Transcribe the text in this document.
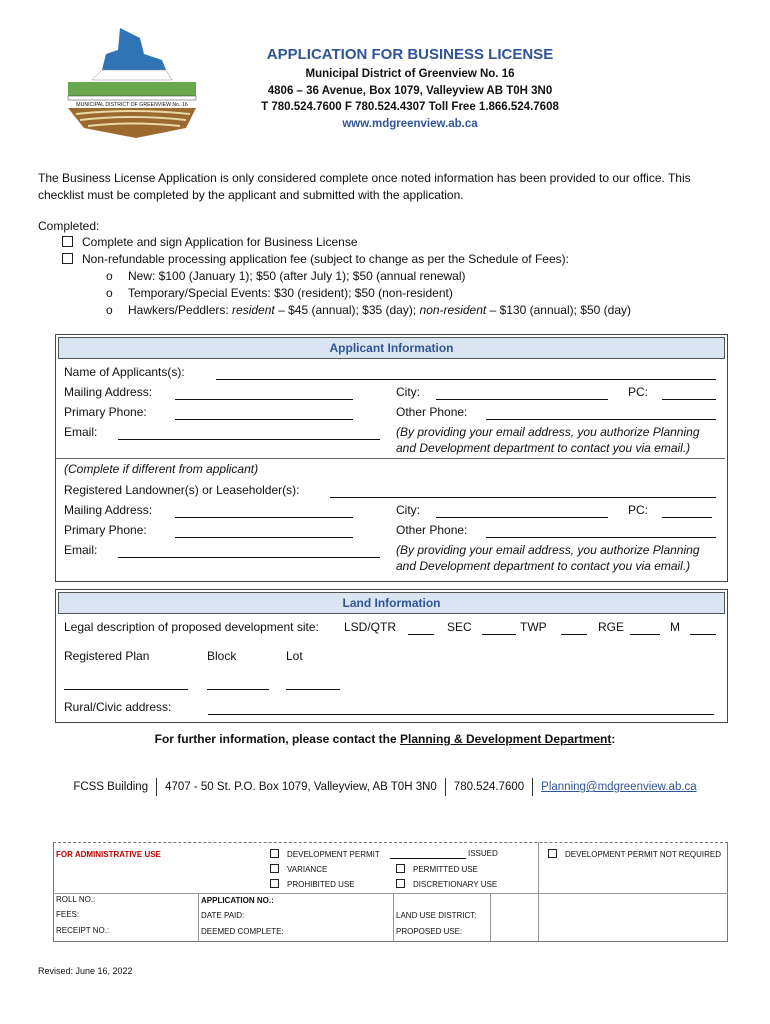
MUNICIPAL DISTRICT OF GREENVIEW No. 16
APPLICATION FOR BUSINESS LICENSE
Municipal District of Greenview No. 16
4806 – 36 Avenue, Box 1079, Valleyview AB T0H 3N0
T 780.524.7600 F 780.524.4307 Toll Free 1.866.524.7608
www.mdgreenview.ab.ca
The Business License Application is only considered complete once noted information has been provided to our office. This checklist must be completed by the applicant and submitted with the application.
Completed:
Complete and sign Application for Business License
Non-refundable processing application fee (subject to change as per the Schedule of Fees):
o New: $100 (January 1); $50 (after July 1); $50 (annual renewal)
o Temporary/Special Events: $30 (resident); $50 (non-resident)
o Hawkers/Peddlers: resident – $45 (annual); $35 (day); non-resident – $130 (annual); $50 (day)
Applicant Information
Name of Applicants(s):
Mailing Address:	City:	PC:
Primary Phone:	Other Phone:
Email:	(By providing your email address, you authorize Planning
and Development department to contact you via email.)
(Complete if different from applicant)
Registered Landowner(s) or Leaseholder(s):
Mailing Address:	City:	PC:
Primary Phone:	Other Phone:
Email:	(By providing your email address, you authorize Planning
and Development department to contact you via email.)
Land Information
Legal description of proposed development site: LSD/QTR	SEC	TWP	RGE	M
Registered Plan	Block	Lot
Rural/Civic address:
For further information, please contact the Planning & Development Department:
FCSS Building 4707 - 50 St. P.O. Box 1079, Valleyview, AB T0H 3N0 780.524.7600 Planning@mdgreenview.ab.ca
FOR ADMINISTRATIVE USE	DEVELOPMENT PERMIT	ISSUED	DEVELOPMENT PERMIT NOT REQUIRED
VARIANCE	PERMITTED USE
PROHIBITED USE	DISCRETIONARY USE
ROLL NO.:	APPLICATION NO.:
FEES:	DATE PAID:	LAND USE DISTRICT:
RECEIPT NO.:	DEEMED COMPLETE:	PROPOSED USE:
Revised: June 16, 2022
